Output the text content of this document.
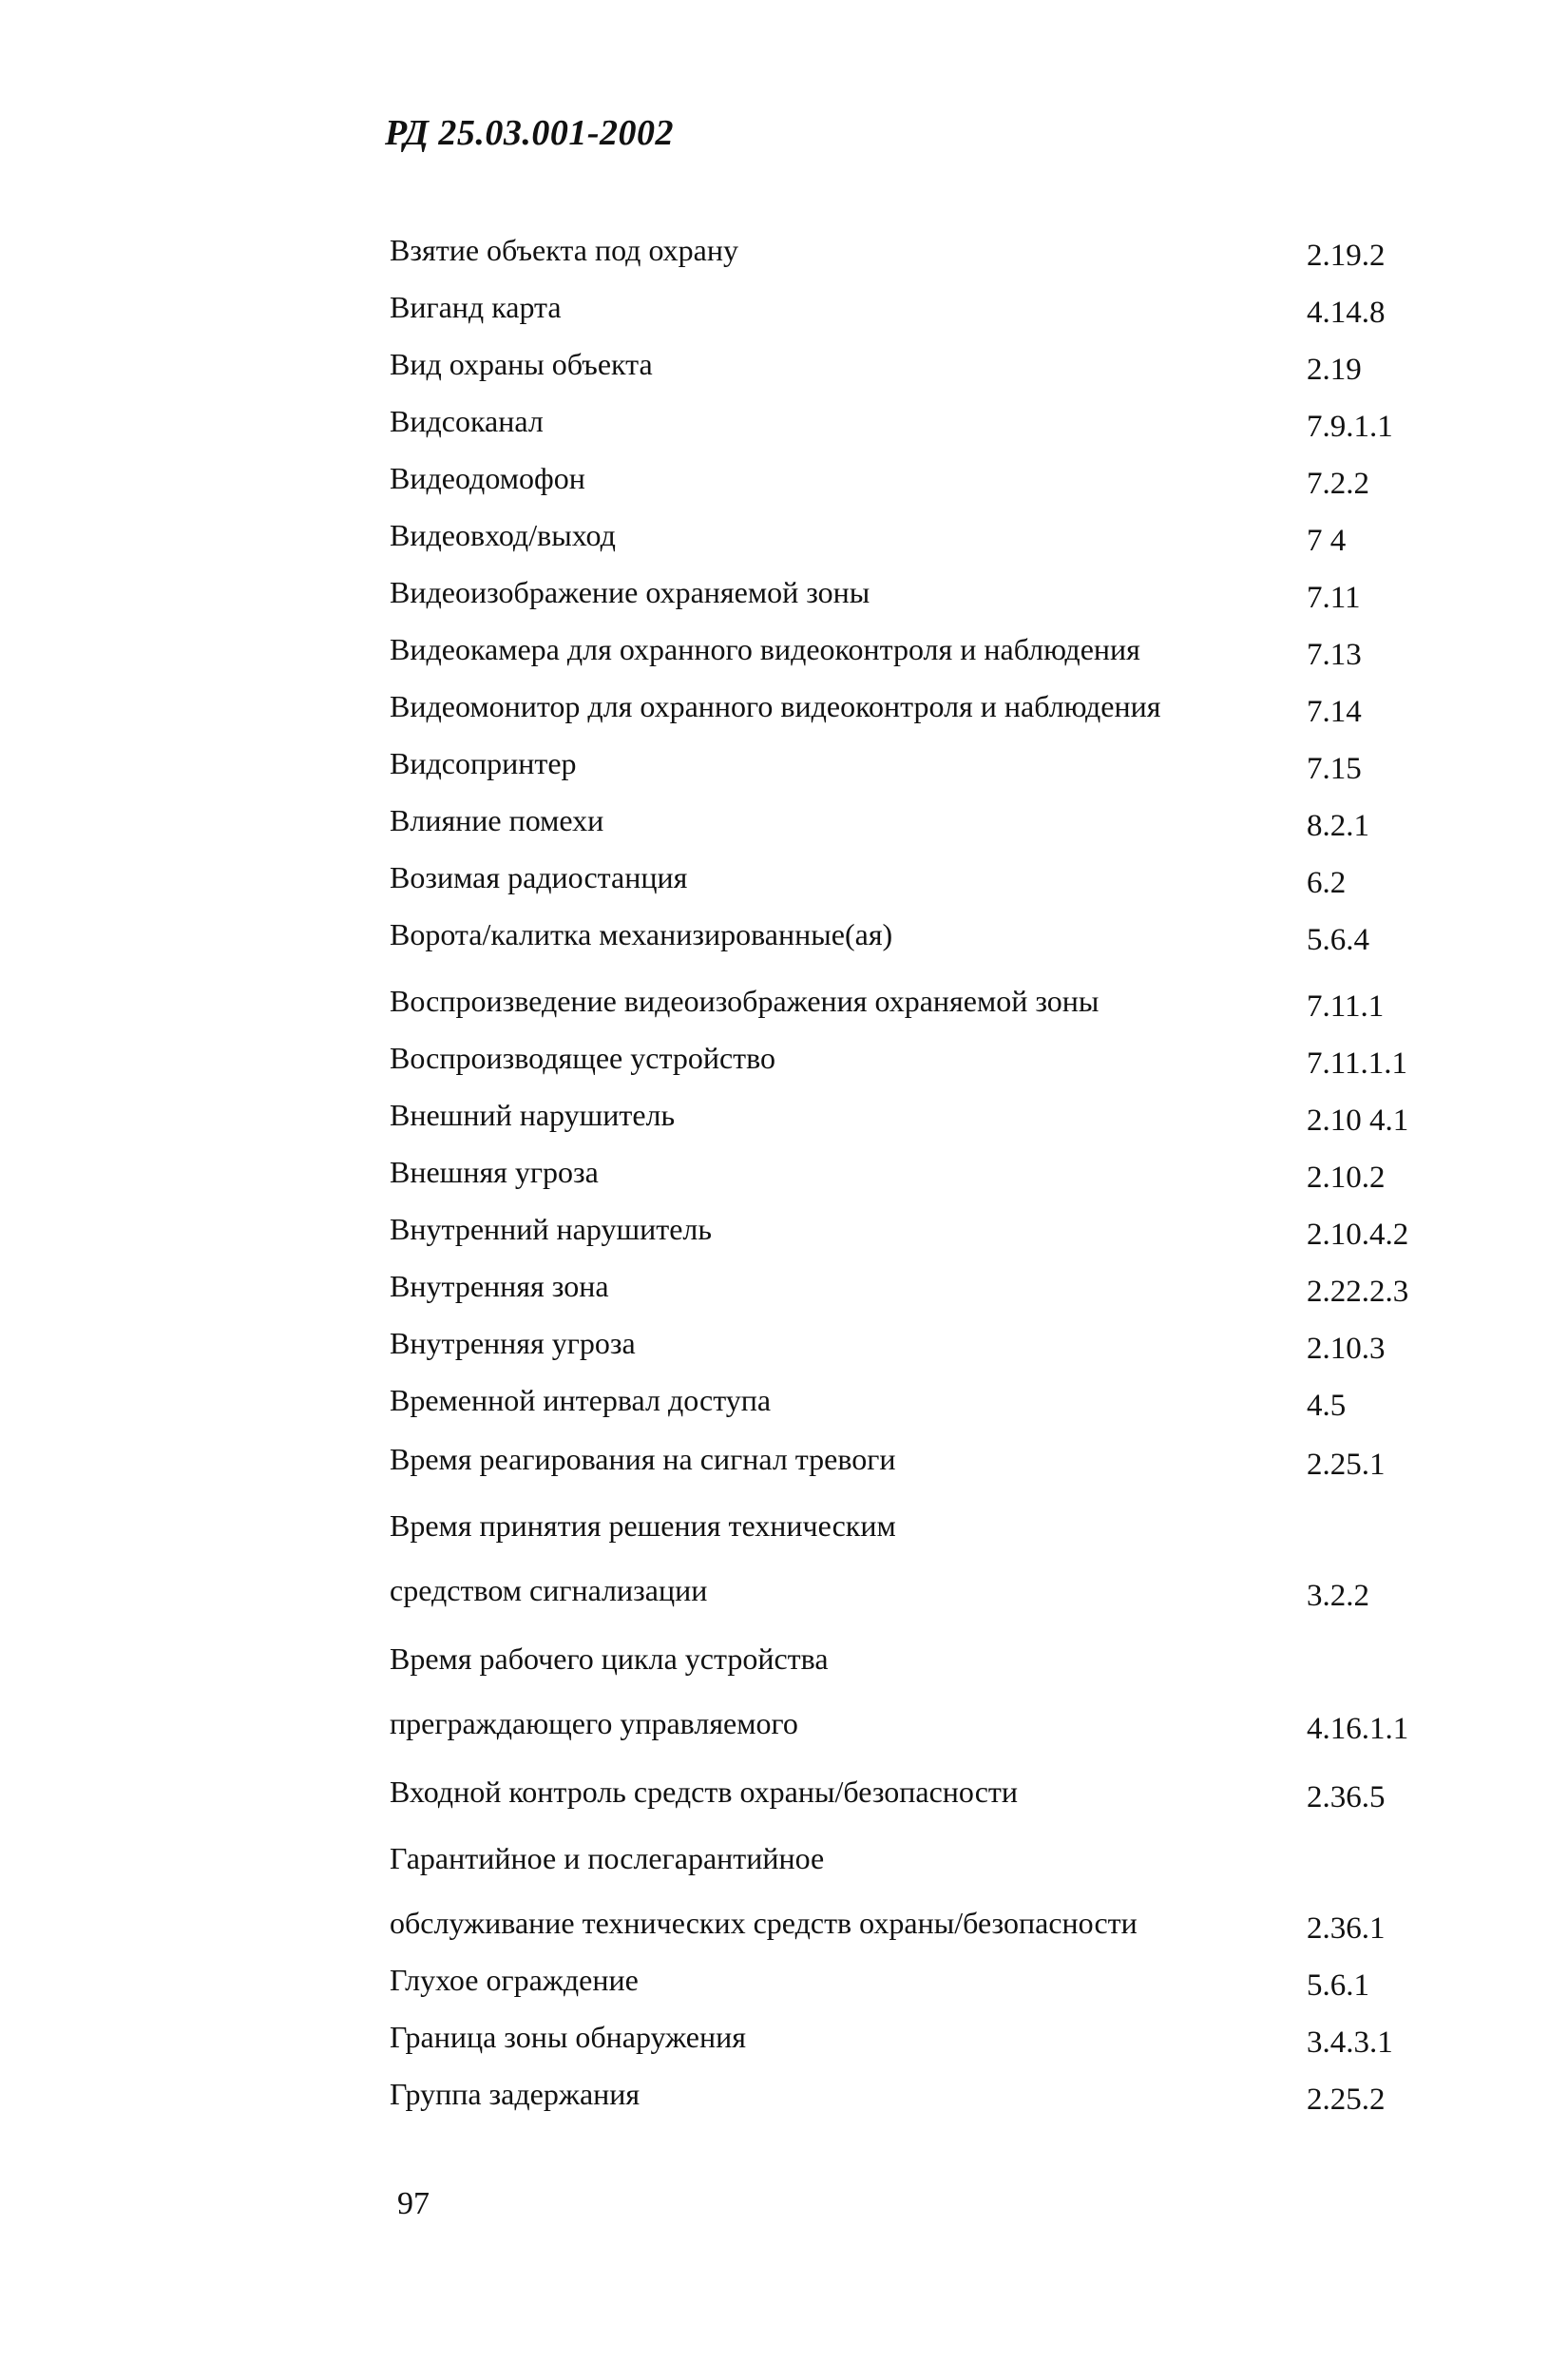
РД 25.03.001-2002
Взятие объекта под охрану	2.19.2
Виганд карта	4.14.8
Вид охраны объекта	2.19
Видсоканал	7.9.1.1
Видеодомофон	7.2.2
Видеовход/выход	7 4
Видеоизображение охраняемой зоны	7.11
Видеокамера для охранного видеоконтроля и наблюдения	7.13
Видеомонитор для охранного видеоконтроля и наблюдения	7.14
Видсопринтер	7.15
Влияние помехи	8.2.1
Возимая радиостанция	6.2
Ворота/калитка механизированные(ая)	5.6.4
Воспроизведение видеоизображения охраняемой зоны	7.11.1
Воспроизводящее устройство	7.11.1.1
Внешний нарушитель	2.10 4.1
Внешняя угроза	2.10.2
Внутренний нарушитель	2.10.4.2
Внутренняя зона	2.22.2.3
Внутренняя угроза	2.10.3
Временной интервал доступа	4.5
Время реагирования на сигнал тревоги	2.25.1
Время принятия решения техническим
средством сигнализации	3.2.2
Время рабочего цикла устройства
преграждающего управляемого	4.16.1.1
Входной контроль средств охраны/безопасности	2.36.5
Гарантийное и послегарантийное
обслуживание технических средств охраны/безопасности	2.36.1
Глухое ограждение	5.6.1
Граница зоны обнаружения	3.4.3.1
Группа задержания	2.25.2
97
